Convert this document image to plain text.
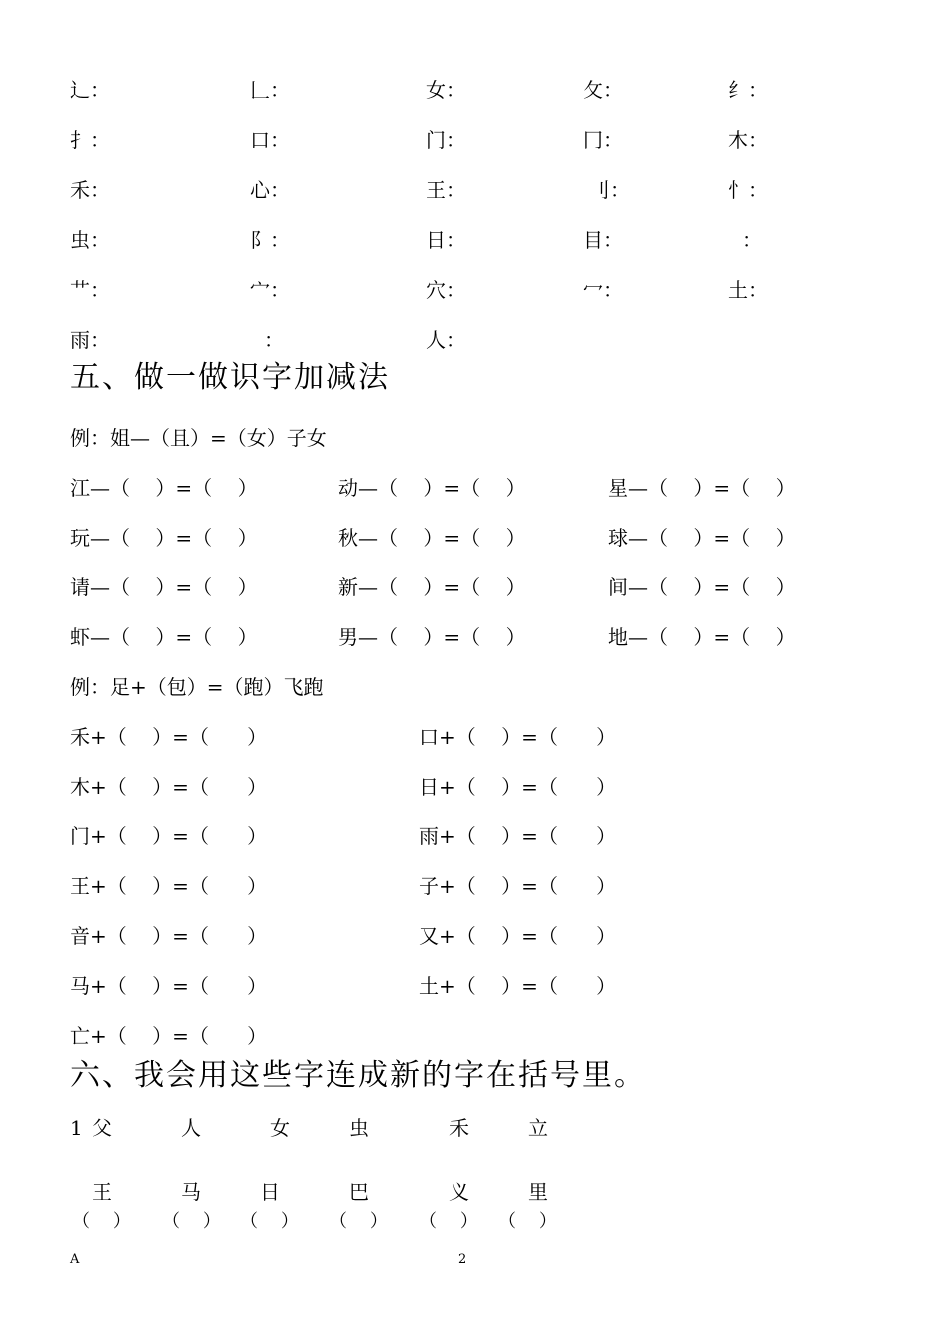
辶：	𠃊：	女：	攵：	纟：
扌：	口：	门：	冂：	木：
禾：	心：	王：	刂：	忄：
虫：	阝：	日：	目：	：
艹：	宀：	穴：	冖：	土：
雨：	：	人：
五、做一做识字加减法
例：姐—（且）=（女）子女
江—（    ）=（    ）	动—（    ）=（    ）	星—（    ）=（    ）
玩—（    ）=（    ）	秋—（    ）=（    ）	球—（    ）=（    ）
请—（    ）=（    ）	新—（    ）=（    ）	间—（    ）=（    ）
虾—（    ）=（    ）	男—（    ）=（    ）	地—（    ）=（    ）
例：足+（包）=（跑）飞跑
禾+（    ）=（      ）	口+（    ）=（      ）
木+（    ）=（      ）	日+（    ）=（      ）
门+（    ）=（      ）	雨+（    ）=（      ）
王+（    ）=（      ）	子+（    ）=（      ）
音+（    ）=（      ）	又+（    ）=（      ）
马+（    ）=（      ）	土+（    ）=（      ）
亡+（    ）=（      ）
六、我会用这些字连成新的字在括号里。
1 父	人	女	虫	禾	立
王	马	日	巴	义	里
（    ） （    ） （    ） （    ） （    ） （    ）
A	2
